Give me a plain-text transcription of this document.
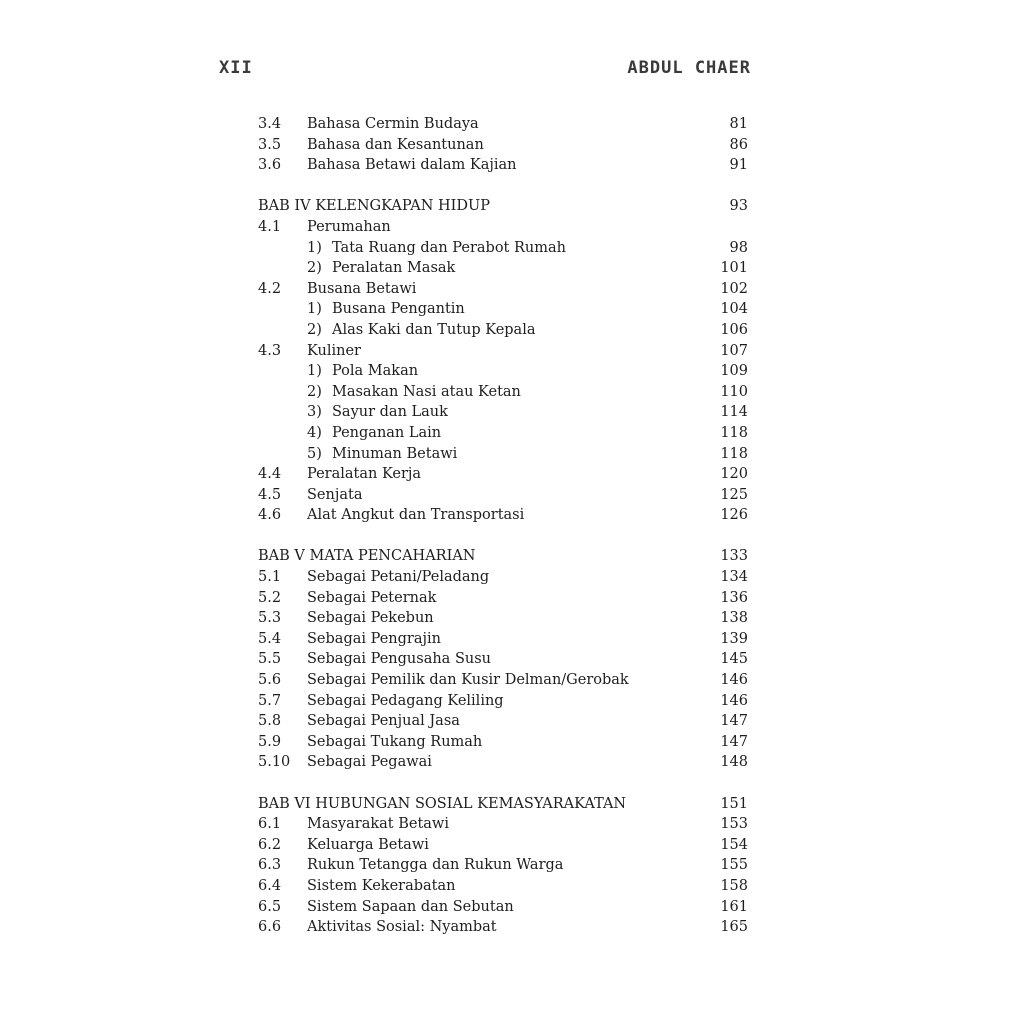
XII	ABDUL CHAER
3.4 Bahasa Cermin Budaya	81
3.5 Bahasa dan Kesantunan	86
3.6 Bahasa Betawi dalam Kajian	91
BAB IV KELENGKAPAN HIDUP	93
4.1 Perumahan
1) Tata Ruang dan Perabot Rumah	98
2) Peralatan Masak	101
4.2 Busana Betawi	102
1) Busana Pengantin	104
2) Alas Kaki dan Tutup Kepala	106
4.3 Kuliner	107
1) Pola Makan	109
2) Masakan Nasi atau Ketan	110
3) Sayur dan Lauk	114
4) Penganan Lain	118
5) Minuman Betawi	118
4.4 Peralatan Kerja	120
4.5 Senjata	125
4.6 Alat Angkut dan Transportasi	126
BAB V MATA PENCAHARIAN	133
5.1 Sebagai Petani/Peladang	134
5.2 Sebagai Peternak	136
5.3 Sebagai Pekebun	138
5.4 Sebagai Pengrajin	139
5.5 Sebagai Pengusaha Susu	145
5.6 Sebagai Pemilik dan Kusir Delman/Gerobak	146
5.7 Sebagai Pedagang Keliling	146
5.8 Sebagai Penjual Jasa	147
5.9 Sebagai Tukang Rumah	147
5.10 Sebagai Pegawai	148
BAB VI HUBUNGAN SOSIAL KEMASYARAKATAN	151
6.1 Masyarakat Betawi	153
6.2 Keluarga Betawi	154
6.3 Rukun Tetangga dan Rukun Warga	155
6.4 Sistem Kekerabatan	158
6.5 Sistem Sapaan dan Sebutan	161
6.6 Aktivitas Sosial: Nyambat	165
